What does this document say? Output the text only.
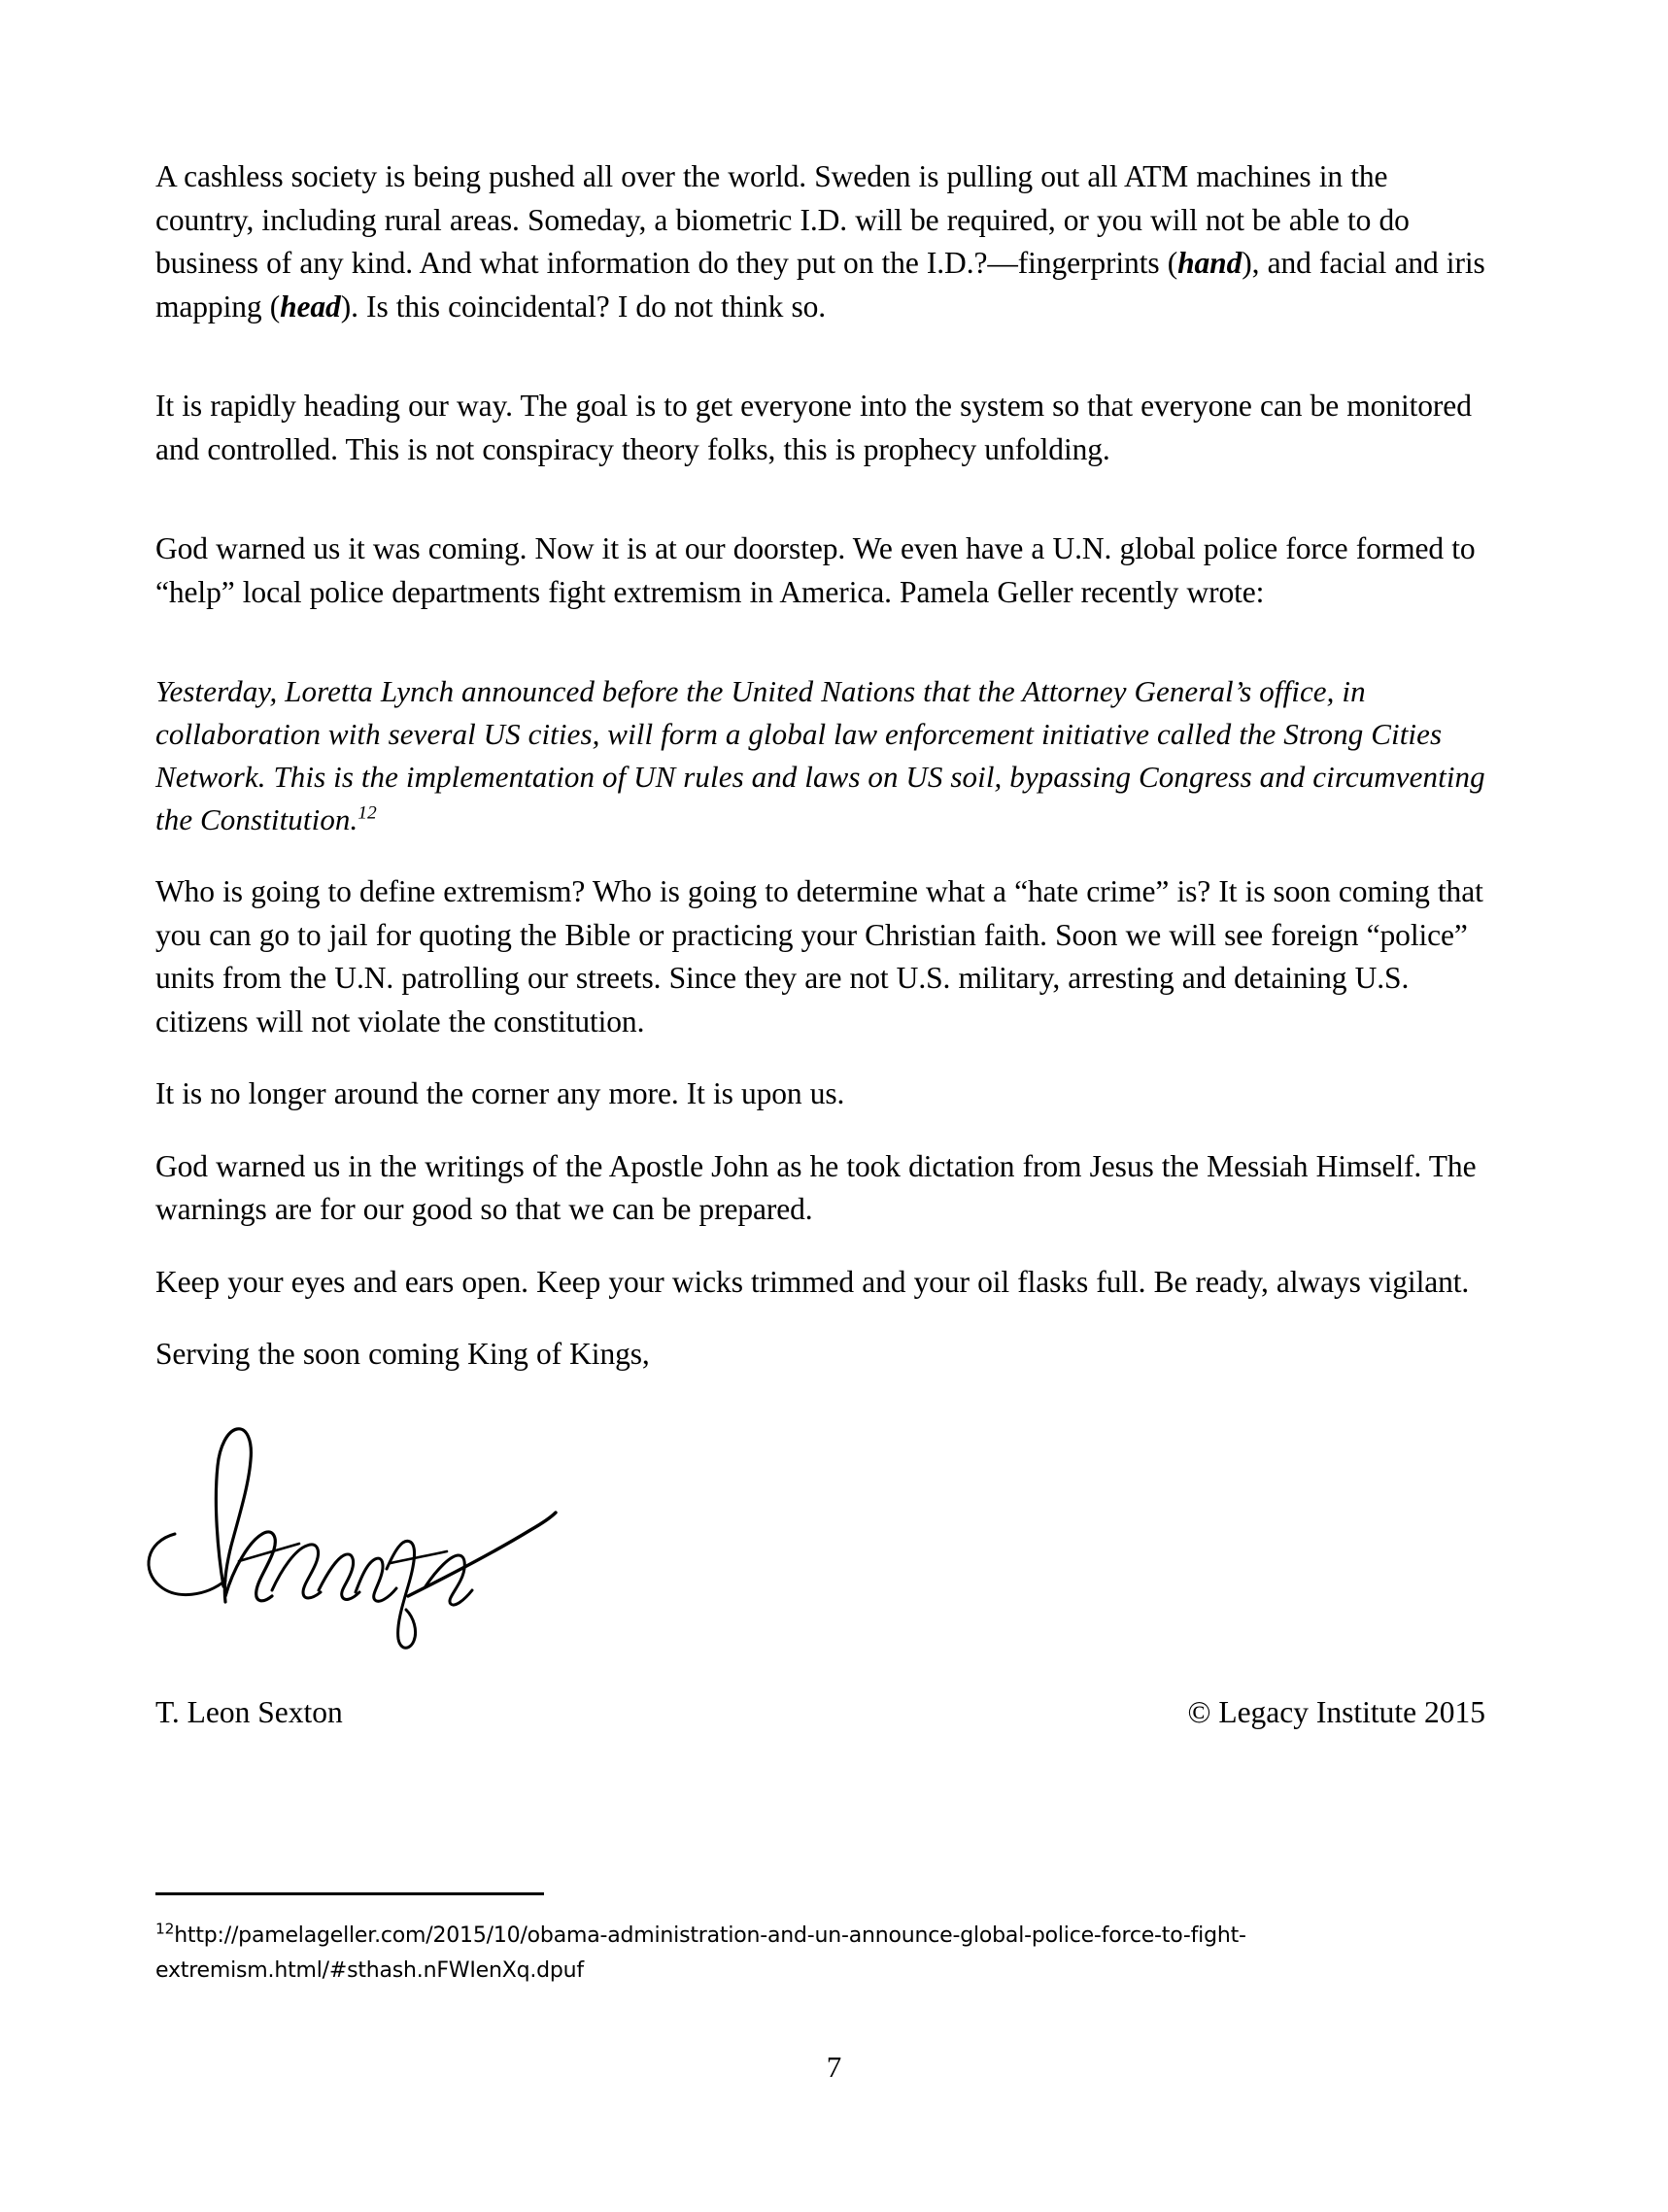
A cashless society is being pushed all over the world. Sweden is pulling out all ATM machines in the country, including rural areas. Someday, a biometric I.D. will be required, or you will not be able to do business of any kind. And what information do they put on the I.D.?—fingerprints (hand), and facial and iris mapping (head). Is this coincidental? I do not think so.

It is rapidly heading our way. The goal is to get everyone into the system so that everyone can be monitored and controlled. This is not conspiracy theory folks, this is prophecy unfolding.

God warned us it was coming. Now it is at our doorstep. We even have a U.N. global police force formed to “help” local police departments fight extremism in America. Pamela Geller recently wrote:

Yesterday, Loretta Lynch announced before the United Nations that the Attorney General’s office, in collaboration with several US cities, will form a global law enforcement initiative called the Strong Cities Network. This is the implementation of UN rules and laws on US soil, bypassing Congress and circumventing the Constitution.$^{12}$

Who is going to define extremism? Who is going to determine what a “hate crime” is? It is soon coming that you can go to jail for quoting the Bible or practicing your Christian faith. Soon we will see foreign “police” units from the U.N. patrolling our streets. Since they are not U.S. military, arresting and detaining U.S. citizens will not violate the constitution.

It is no longer around the corner any more. It is upon us.

God warned us in the writings of the Apostle John as he took dictation from Jesus the Messiah Himself. The warnings are for our good so that we can be prepared.

Keep your eyes and ears open. Keep your wicks trimmed and your oil flasks full. Be ready, always vigilant.

Serving the soon coming King of Kings,

T. Leon Sexton	© Legacy Institute 2015
$^{12}$http://pamelageller.com/2015/10/obama-administration-and-un-announce-global-police-force-to-fight-extremism.html/#sthash.nFWIenXq.dpuf
7
